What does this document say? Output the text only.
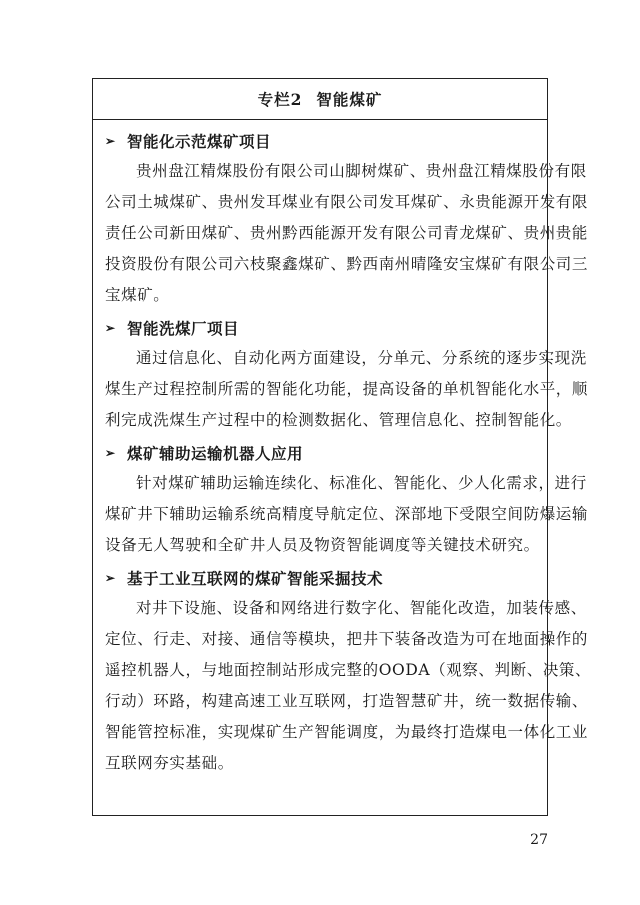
专栏2 智能煤矿
➢ 智能化示范煤矿项目

贵州盘江精煤股份有限公司山脚树煤矿、贵州盘江精煤股份有限
公司土城煤矿、贵州发耳煤业有限公司发耳煤矿、永贵能源开发有限
责任公司新田煤矿、贵州黔西能源开发有限公司青龙煤矿、贵州贵能
投资股份有限公司六枝聚鑫煤矿、黔西南州晴隆安宝煤矿有限公司三
宝煤矿。

➢ 智能洗煤厂项目

通过信息化、自动化两方面建设，分单元、分系统的逐步实现洗
煤生产过程控制所需的智能化功能，提高设备的单机智能化水平，顺
利完成洗煤生产过程中的检测数据化、管理信息化、控制智能化。

➢ 煤矿辅助运输机器人应用

针对煤矿辅助运输连续化、标准化、智能化、少人化需求，进行
煤矿井下辅助运输系统高精度导航定位、深部地下受限空间防爆运输
设备无人驾驶和全矿井人员及物资智能调度等关键技术研究。

➢ 基于工业互联网的煤矿智能采掘技术

对井下设施、设备和网络进行数字化、智能化改造，加装传感、
定位、行走、对接、通信等模块，把井下装备改造为可在地面操作的
遥控机器人，与地面控制站形成完整的OODA（观察、判断、决策、
行动）环路，构建高速工业互联网，打造智慧矿井，统一数据传输、
智能管控标准，实现煤矿生产智能调度，为最终打造煤电一体化工业
互联网夯实基础。

27
